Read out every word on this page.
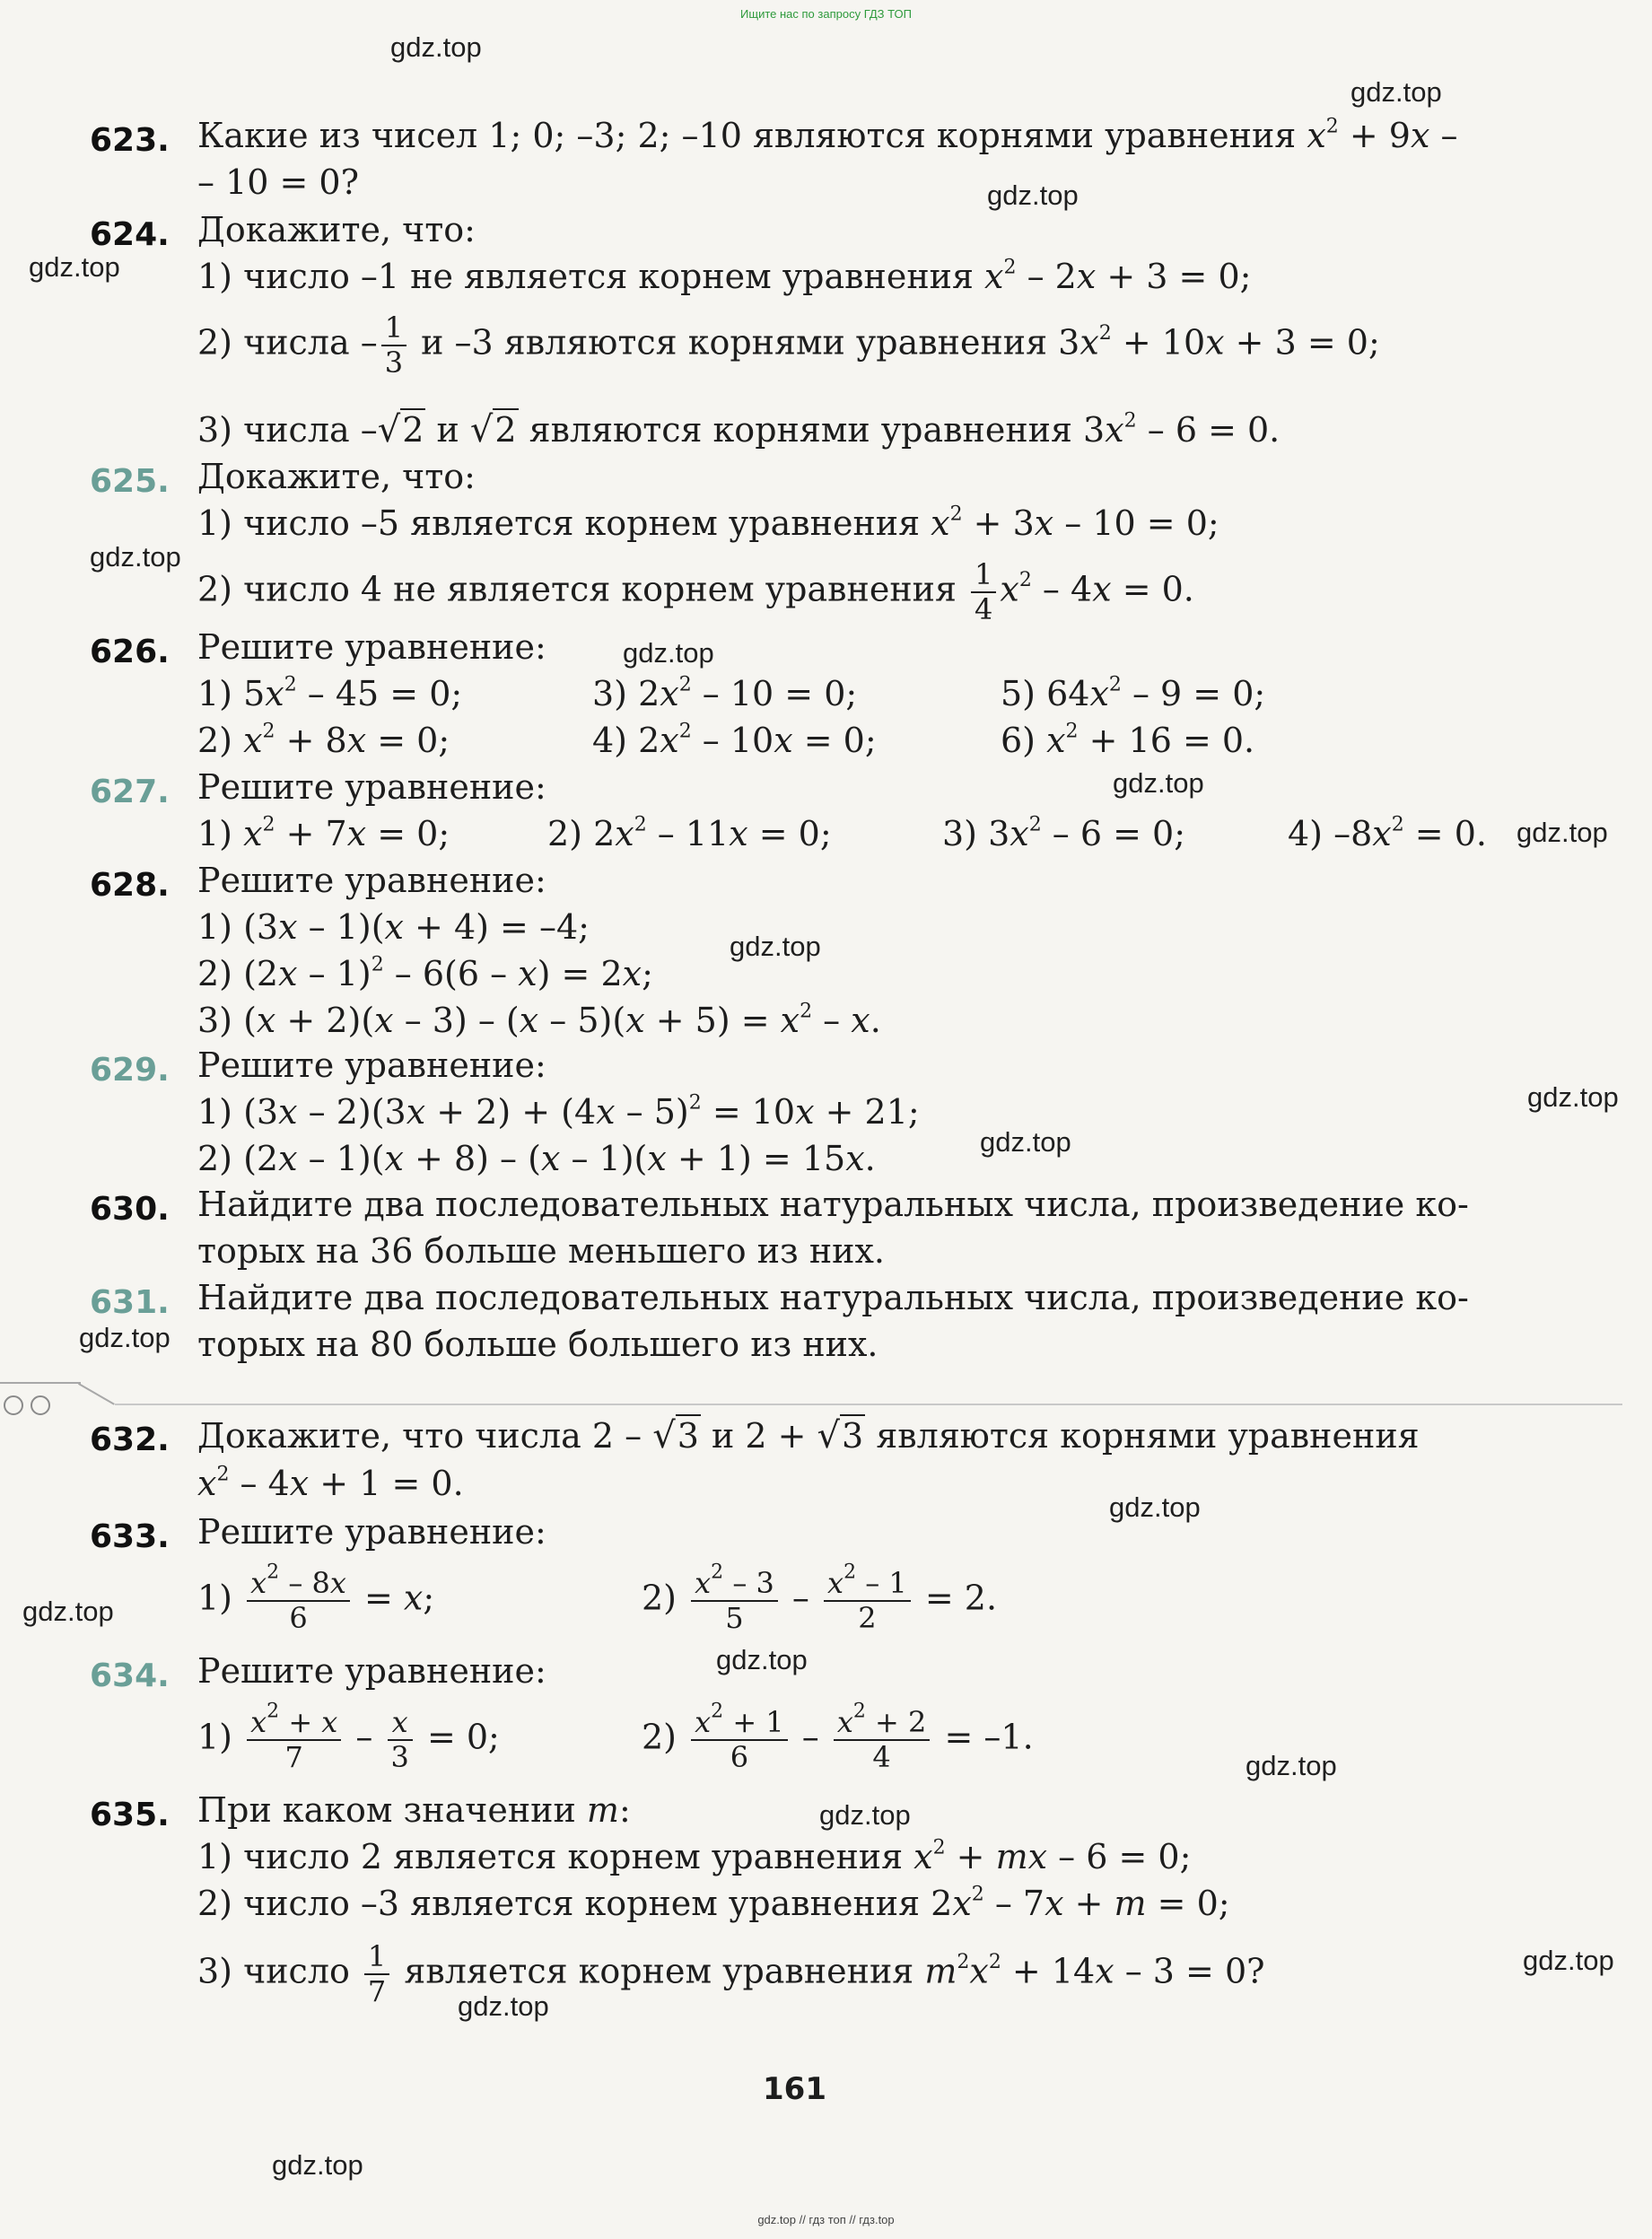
Ищите нас по запросу ГДЗ ТОП
gdz.top
gdz.top
gdz.top
gdz.top
gdz.top
gdz.top
gdz.top
gdz.top
gdz.top
gdz.top
gdz.top
gdz.top
gdz.top
gdz.top
gdz.top
gdz.top
gdz.top
gdz.top
gdz.top
gdz.top
623. Какие из чисел 1; 0; –3; 2; –10 являются корнями уравнения $x^2 + 9x$ –
– 10 = 0?
624. Докажите, что:
1) число –1 не является корнем уравнения $x^2 - 2x + 3 = 0$;
2) числа – $\frac{1}{3}$ и –3 являются корнями уравнения $3x^2 + 10x + 3 = 0$;
3) числа –√2 и √2 являются корнями уравнения $3x^2 - 6 = 0$.
625. Докажите, что:
1) число –5 является корнем уравнения $x^2 + 3x - 10 = 0$;
2) число 4 не является корнем уравнения $\frac{1}{4} x^2 - 4x = 0$.
626. Решите уравнение:
1) $5x^2 - 45 = 0$;	3) $2x^2 - 10 = 0$;	5) $64x^2 - 9 = 0$;
2) $x^2 + 8x = 0$;	4) $2x^2 - 10x = 0$;	6) $x^2 + 16 = 0$.
627. Решите уравнение:
1) $x^2 + 7x = 0$;	2) $2x^2 - 11x = 0$;	3) $3x^2 - 6 = 0$;	4) $-8x^2 = 0$.
628. Решите уравнение:
1) (3x – 1)(x + 4) = –4;
2) (2x – 1)$^2$ – 6(6 – x) = 2x;
3) $(x + 2)(x - 3) - (x - 5)(x + 5) = x^2 - x$.
629. Решите уравнение:
1) (3x – 2)(3x + 2) + (4x – 5)$^2$ = 10x + 21;
2) (2x – 1)(x + 8) – (x – 1)(x + 1) = 15x.
630. Найдите два последовательных натуральных числа, произведение ко-
торых на 36 больше меньшего из них.
631. Найдите два последовательных натуральных числа, произведение ко-
торых на 80 больше большего из них.
632. Докажите, что числа 2 – √3 и 2 + √3 являются корнями уравнения
$x^2 - 4x + 1 = 0$.
633. Решите уравнение:
$1) \frac{x^2 - 8x}{6} = x$;	$2) \frac{x^2 - 3}{5} - \frac{x^2 - 1}{2} = 2$.
634. Решите уравнение:
$1) \frac{x^2 + x}{7} - \frac{x}{3} = 0$;	$2) \frac{x^2 + 1}{6} - \frac{x^2 + 2}{4} = -1$.
635. При каком значении m:
1) число 2 является корнем уравнения $x^2$ + mx – 6 = 0;
2) число –3 является корнем уравнения $2x^2 - 7x + m = 0$;
3) число $\frac{1}{7}$ является корнем уравнения $m^2x^2 + 14x - 3 = 0$?
161
gdz.top // гдз топ // гдз.top
